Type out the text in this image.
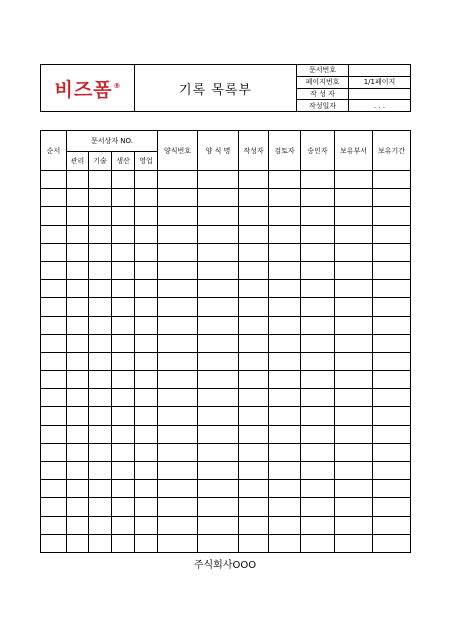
비즈폼®	기록 목록부	문서번호	
		페이지번호	1/1페이지
		작 성 자	
		작성일자	. . .
순서	문서상자 NO.				양식번호	양 식 명	작성자	검토자	승인자	보유부서	보유기간
	관리	기술	생산	영업							

주식회사OOO
